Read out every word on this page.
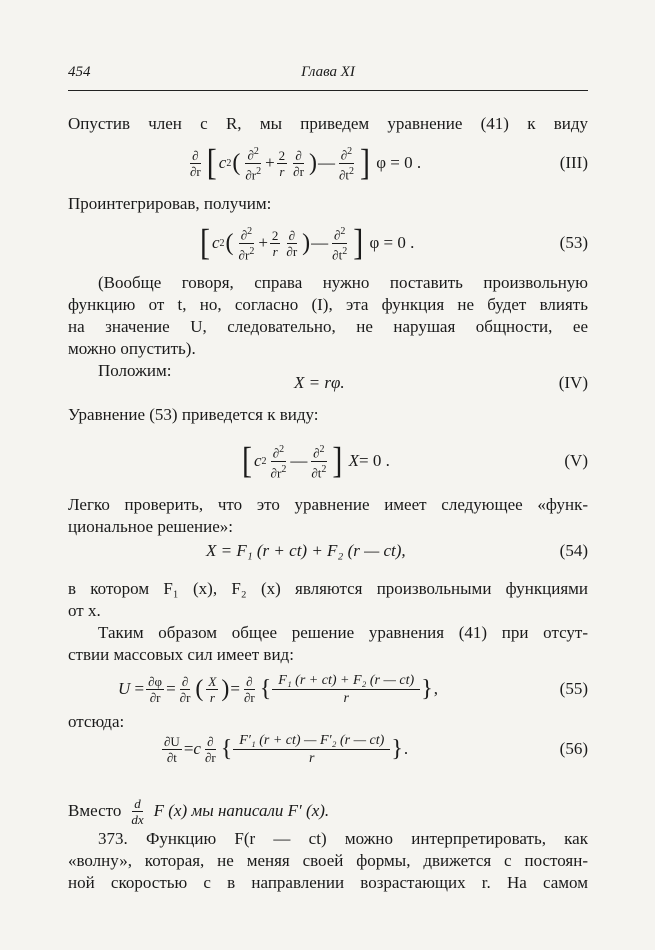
454	Глава XI
Опустив член с R, мы приведем уравнение (41) к виду
$\frac{\partial}{\partial r}$ [ c 2 ( $\frac{\partial^2}{\partial r^2} + \frac{2}{r} \frac{\partial}{\partial r}$ ) — $\frac{\partial^2}{\partial t^2}$ ] φ = 0 .	(III)
Проинтегрировав, получим:
[ c 2 ( $\frac{\partial^2}{\partial r^2} + \frac{2}{r} \frac{\partial}{\partial r}$ ) — $\frac{\partial^2}{\partial t^2}$ ] φ = 0 .	(53)
(Вообще говоря, справа нужно поставить произвольную
функцию от t, но, согласно (I), эта функция не будет влиять
на значение U, следовательно, не нарушая общности, ее
можно опустить).
Положим:
X = rφ.	(IV)
Уравнение (53) приведется к виду:
[ c $2 \frac{\partial^2}{\partial r^2}$ — $\frac{\partial^2}{\partial t^2}$ ]
X = 0 .	(V)
Легко проверить, что это уравнение имеет следующее «функ-
циональное решение»:
X = F₁ (r + ct) + F₂ (r — ct),	(54)
в котором F₁ (x), F₂ (x) являются произвольными функциями
от x.
Таким образом общее решение уравнения (41) при отсут-
ствии массовых сил имеет вид:
$U = \frac{\partial\varphi}{\partial r} = \frac{\partial}{\partial r}$ ( $\frac{X}{r}$ ) = $\frac{\partial}{\partial r}$ { $\frac{\text{F₁ (r + ct) + F₂ (r — ct)}}{r}$ } ,	(55)
отсюда:
$\frac{\partial U}{\partial t} = c \frac{\partial}{\partial r}$ { $\frac{\text{F′₁ (r + ct) — F′₂ (r — ct)}}{r}$ } .	(56)
Вместо $\frac{d}{dx}$ F (x) мы написали F′ (x).
373. Функцию F(r — ct) можно интерпретировать, как
«волну», которая, не меняя своей формы, движется с постоян-
ной скоростью c в направлении возрастающих r. На самом
